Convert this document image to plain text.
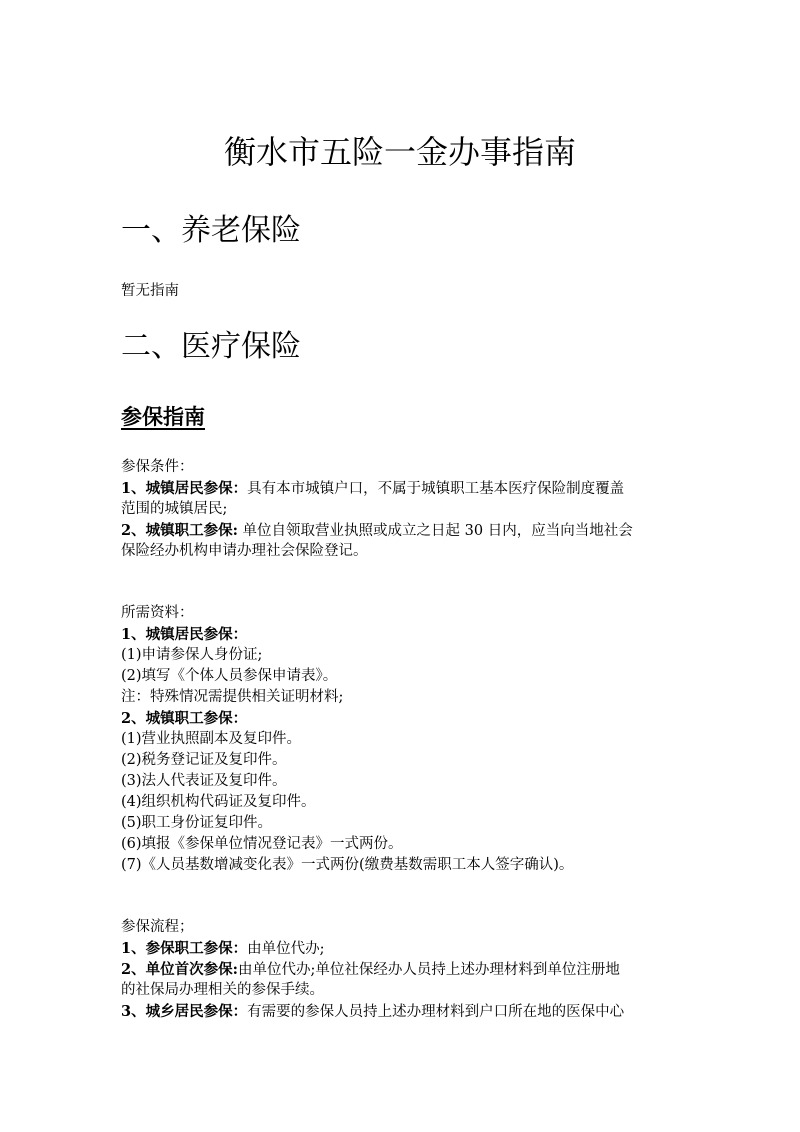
衡水市五险一金办事指南
一、养老保险

暂无指南

二、医疗保险
参保指南
参保条件：
1、城镇居民参保：具有本市城镇户口，不属于城镇职工基本医疗保险制度覆盖
范围的城镇居民;
2、城镇职工参保: 单位自领取营业执照或成立之日起 30 日内，应当向当地社会
保险经办机构申请办理社会保险登记。
所需资料：
1、城镇居民参保：
(1)申请参保人身份证;
(2)填写《个体人员参保申请表》。
注：特殊情况需提供相关证明材料;
2、城镇职工参保：
(1)营业执照副本及复印件。
(2)税务登记证及复印件。
(3)法人代表证及复印件。
(4)组织机构代码证及复印件。
(5)职工身份证复印件。
(6)填报《参保单位情况登记表》一式两份。
(7)《人员基数增减变化表》一式两份(缴费基数需职工本人签字确认)。
参保流程；
1、参保职工参保：由单位代办;
2、单位首次参保:由单位代办;单位社保经办人员持上述办理材料到单位注册地
的社保局办理相关的参保手续。
3、城乡居民参保：有需要的参保人员持上述办理材料到户口所在地的医保中心
